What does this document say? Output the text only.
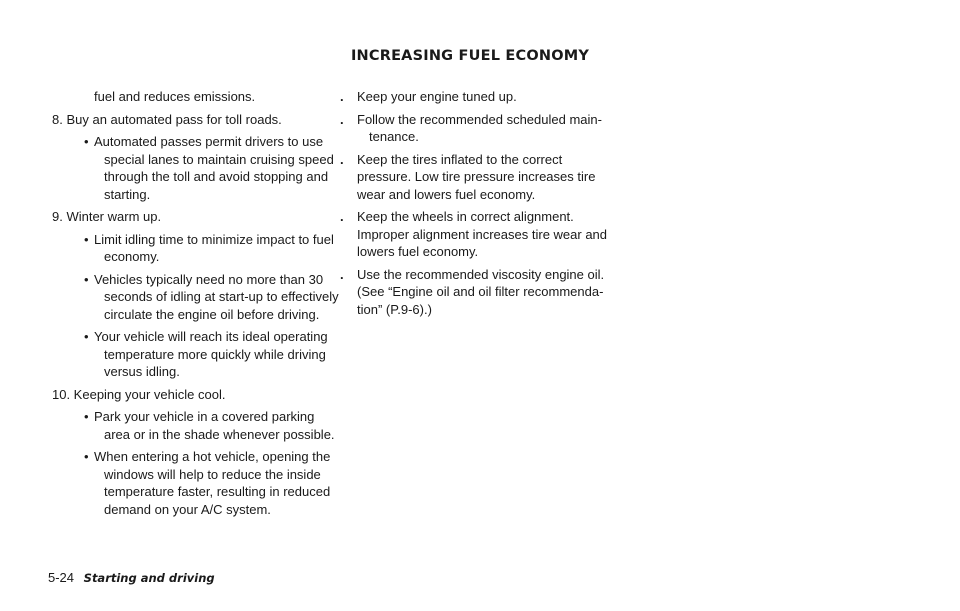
INCREASING FUEL ECONOMY
fuel and reduces emissions.
8. Buy an automated pass for toll roads.
• Automated passes permit drivers to use
special lanes to maintain cruising speed
through the toll and avoid stopping and
starting.
9. Winter warm up.
• Limit idling time to minimize impact to fuel
economy.
• Vehicles typically need no more than 30
seconds of idling at start-up to effectively
circulate the engine oil before driving.
• Your vehicle will reach its ideal operating
temperature more quickly while driving
versus idling.
10. Keeping your vehicle cool.
• Park your vehicle in a covered parking
area or in the shade whenever possible.
• When entering a hot vehicle, opening the
windows will help to reduce the inside
temperature faster, resulting in reduced
demand on your A/C system.
. Keep your engine tuned up.
. Follow the recommended scheduled main-
tenance.
. Keep the tires inflated to the correct
pressure. Low tire pressure increases tire
wear and lowers fuel economy.
. Keep the wheels in correct alignment.
Improper alignment increases tire wear and
lowers fuel economy.
. Use the recommended viscosity engine oil.
(See “Engine oil and oil filter recommenda-
tion” (P.9-6).)
5-24 Starting and driving
